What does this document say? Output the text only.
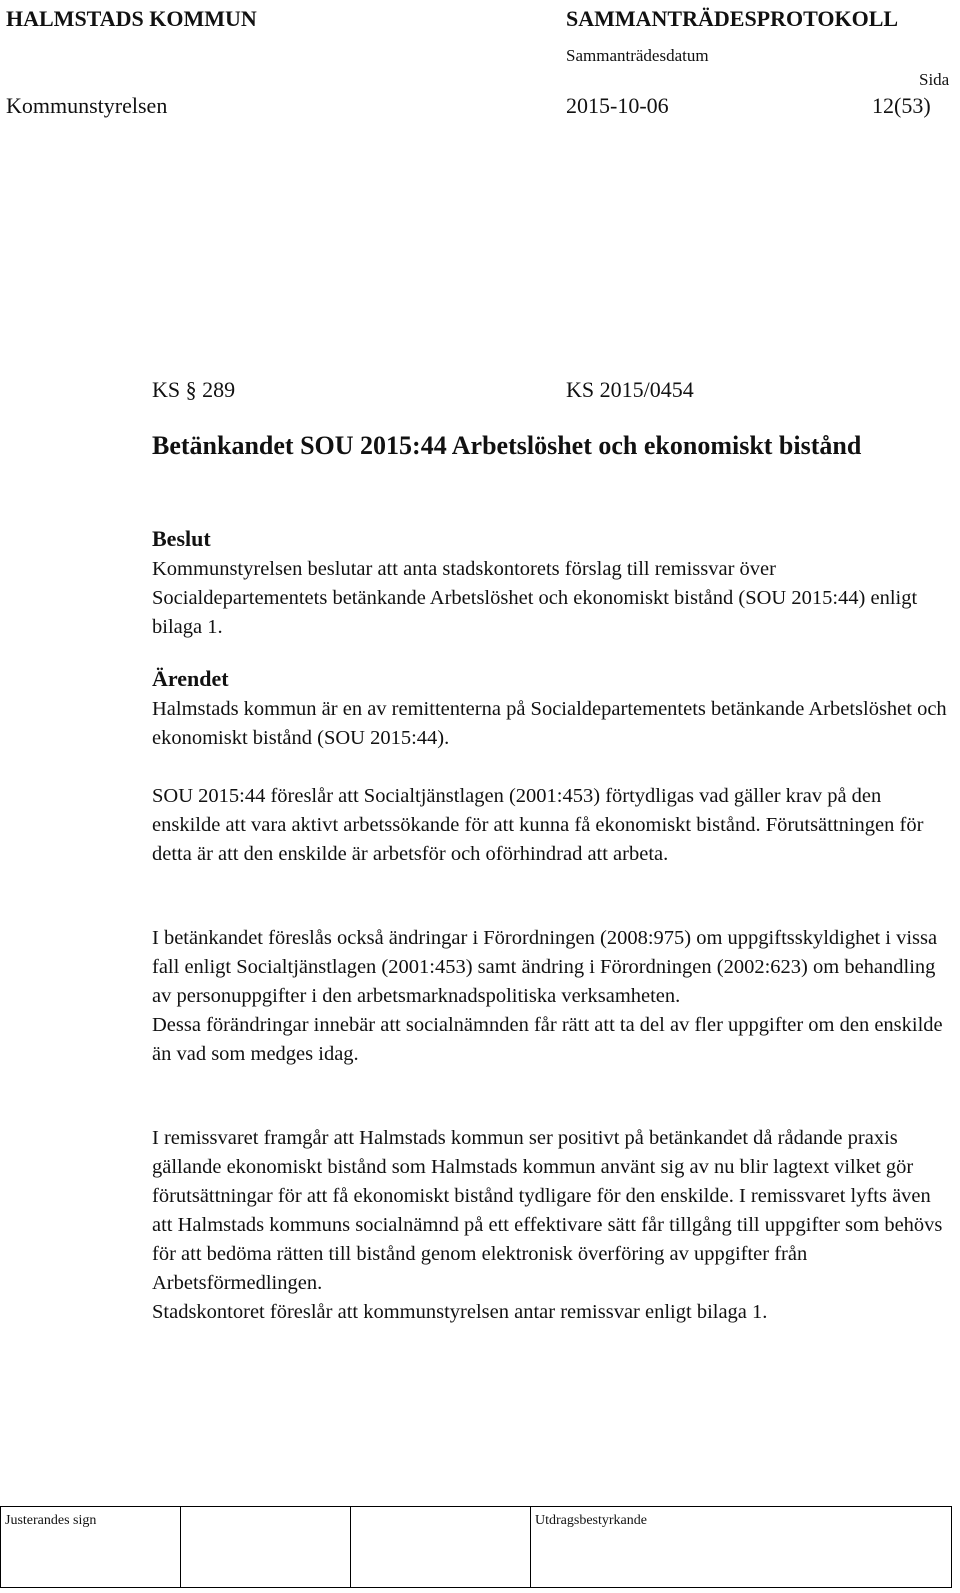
HALMSTADS KOMMUN	SAMMANTRÄDESPROTOKOLL
Sammanträdesdatum
Sida
Kommunstyrelsen	2015-10-06	12(53)
KS § 289	KS 2015/0454
Betänkandet SOU 2015:44 Arbetslöshet och ekonomiskt bistånd
Beslut
Kommunstyrelsen beslutar att anta stadskontorets förslag till remissvar över Socialdepartementets betänkande Arbetslöshet och ekonomiskt bistånd (SOU 2015:44) enligt bilaga 1.
Ärendet
Halmstads kommun är en av remittenterna på Socialdepartementets betänkande Arbetslöshet och ekonomiskt bistånd (SOU 2015:44).
SOU 2015:44 föreslår att Socialtjänstlagen (2001:453) förtydligas vad gäller krav på den enskilde att vara aktivt arbetssökande för att kunna få ekonomiskt bistånd. Förutsättningen för detta är att den enskilde är arbetsför och oförhindrad att arbeta.

I betänkandet föreslås också ändringar i Förordningen (2008:975) om uppgiftsskyldighet i vissa fall enligt Socialtjänstlagen (2001:453) samt ändring i Förordningen (2002:623) om behandling av personuppgifter i den arbetsmarknadspolitiska verksamheten.

Dessa förändringar innebär att socialnämnden får rätt att ta del av fler uppgifter om den enskilde än vad som medges idag.

I remissvaret framgår att Halmstads kommun ser positivt på betänkandet då rådande praxis gällande ekonomiskt bistånd som Halmstads kommun använt sig av nu blir lagtext vilket gör förutsättningar för att få ekonomiskt bistånd tydligare för den enskilde. I remissvaret lyfts även att Halmstads kommuns socialnämnd på ett effektivare sätt får tillgång till uppgifter som behövs för att bedöma rätten till bistånd genom elektronisk överföring av uppgifter från Arbetsförmedlingen.

Stadskontoret föreslår att kommunstyrelsen antar remissvar enligt bilaga 1.

Justerandes sign	Utdragsbestyrkande
